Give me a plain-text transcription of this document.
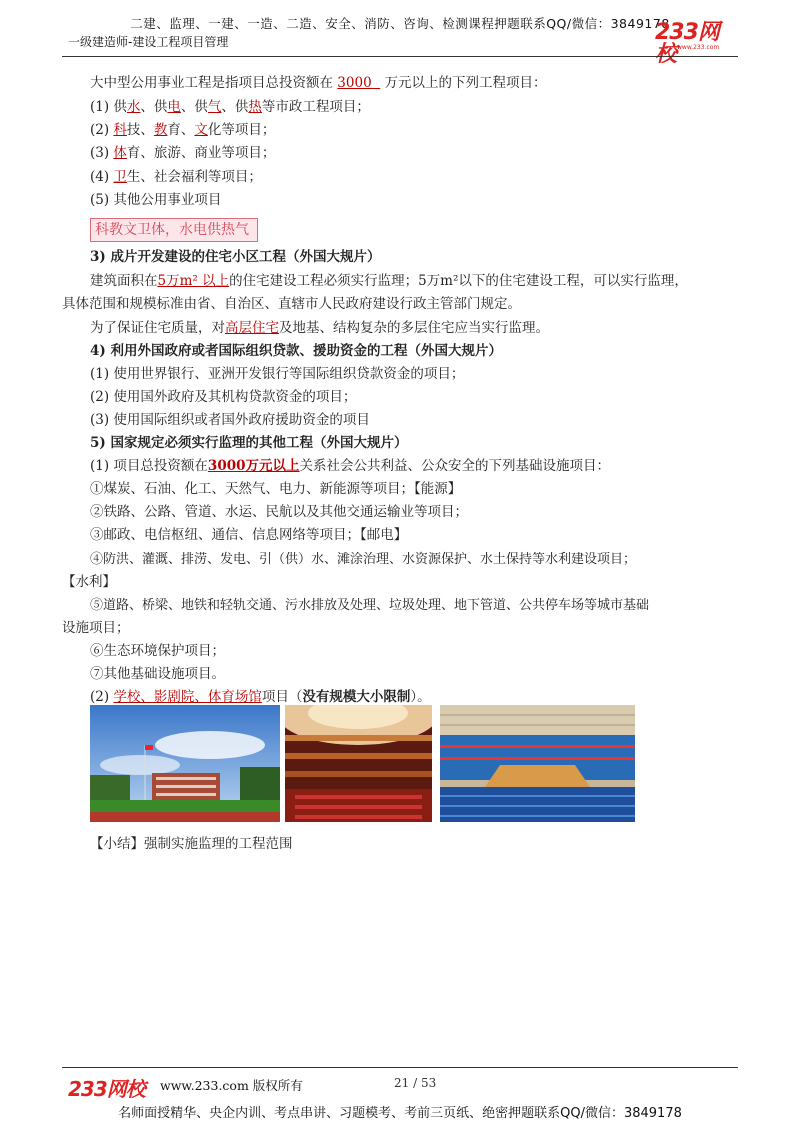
二建、监理、一建、一造、二造、安全、消防、咨询、检测课程押题联系QQ/微信：3849178
一级建造师-建设工程项目管理	233网校 www.233.com
大中型公用事业工程是指项目总投资额在 3000   万元以上的下列工程项目：
(1) 供水、供电、供气、供热等市政工程项目；
(2) 科技、教育、文化等项目；
(3) 体育、旅游、商业等项目；
(4) 卫生、社会福利等项目；
(5) 其他公用事业项目
科教文卫体，水电供热气
3) 成片开发建设的住宅小区工程（外国大规片）
建筑面积在5万m² 以上的住宅建设工程必须实行监理；5万m²以下的住宅建设工程，可以实行监理，
具体范围和规模标准由省、自治区、直辖市人民政府建设行政主管部门规定。
为了保证住宅质量，对高层住宅及地基、结构复杂的多层住宅应当实行监理。
4) 利用外国政府或者国际组织贷款、援助资金的工程（外国大规片）
(1) 使用世界银行、亚洲开发银行等国际组织贷款资金的项目；
(2) 使用国外政府及其机构贷款资金的项目；
(3) 使用国际组织或者国外政府援助资金的项目
5) 国家规定必须实行监理的其他工程（外国大规片）
(1) 项目总投资额在3000万元以上关系社会公共利益、公众安全的下列基础设施项目：
①煤炭、石油、化工、天然气、电力、新能源等项目；【能源】
②铁路、公路、管道、水运、民航以及其他交通运输业等项目；
③邮政、电信枢纽、通信、信息网络等项目；【邮电】
④防洪、灌溉、排涝、发电、引（供）水、滩涂治理、水资源保护、水土保持等水利建设项目；
【水利】
⑤道路、桥梁、地铁和轻轨交通、污水排放及处理、垃圾处理、地下管道、公共停车场等城市基础
设施项目；
⑥生态环境保护项目；
⑦其他基础设施项目。
(2) 学校、影剧院、体育场馆项目（没有规模大小限制）。
【小结】强制实施监理的工程范围
233网校 www.233.com 版权所有	21 / 53
名师面授精华、央企内训、考点串讲、习题模考、考前三页纸、绝密押题联系QQ/微信：3849178
